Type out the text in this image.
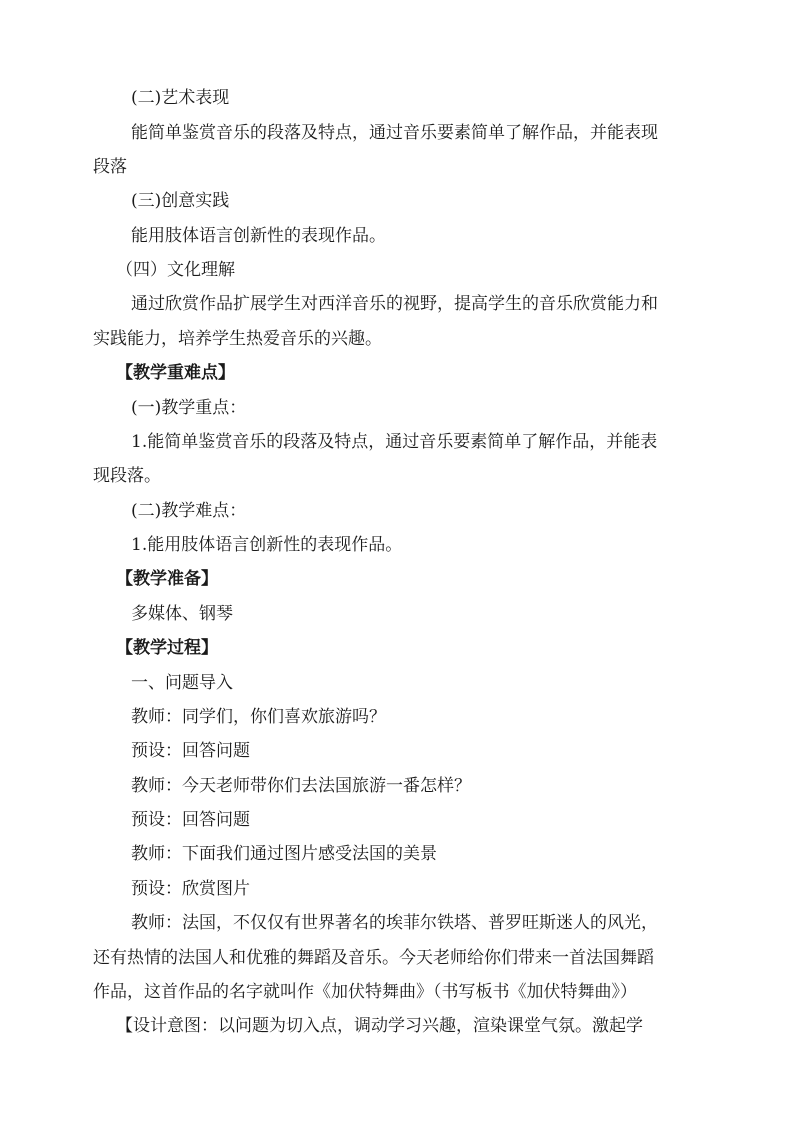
(二)艺术表现
能简单鉴赏音乐的段落及特点，通过音乐要素简单了解作品，并能表现
段落
(三)创意实践
能用肢体语言创新性的表现作品。
（四）文化理解
通过欣赏作品扩展学生对西洋音乐的视野，提高学生的音乐欣赏能力和
实践能力，培养学生热爱音乐的兴趣。
【教学重难点】
(一)教学重点：
1.能简单鉴赏音乐的段落及特点，通过音乐要素简单了解作品，并能表
现段落。
(二)教学难点：
1.能用肢体语言创新性的表现作品。
【教学准备】
多媒体、钢琴
【教学过程】
一、问题导入
教师：同学们，你们喜欢旅游吗？
预设：回答问题
教师：今天老师带你们去法国旅游一番怎样？
预设：回答问题
教师：下面我们通过图片感受法国的美景
预设：欣赏图片
教师：法国，不仅仅有世界著名的埃菲尔铁塔、普罗旺斯迷人的风光，
还有热情的法国人和优雅的舞蹈及音乐。今天老师给你们带来一首法国舞蹈
作品，这首作品的名字就叫作《加伏特舞曲》（书写板书《加伏特舞曲》）
【设计意图：以问题为切入点，调动学习兴趣，渲染课堂气氛。激起学
